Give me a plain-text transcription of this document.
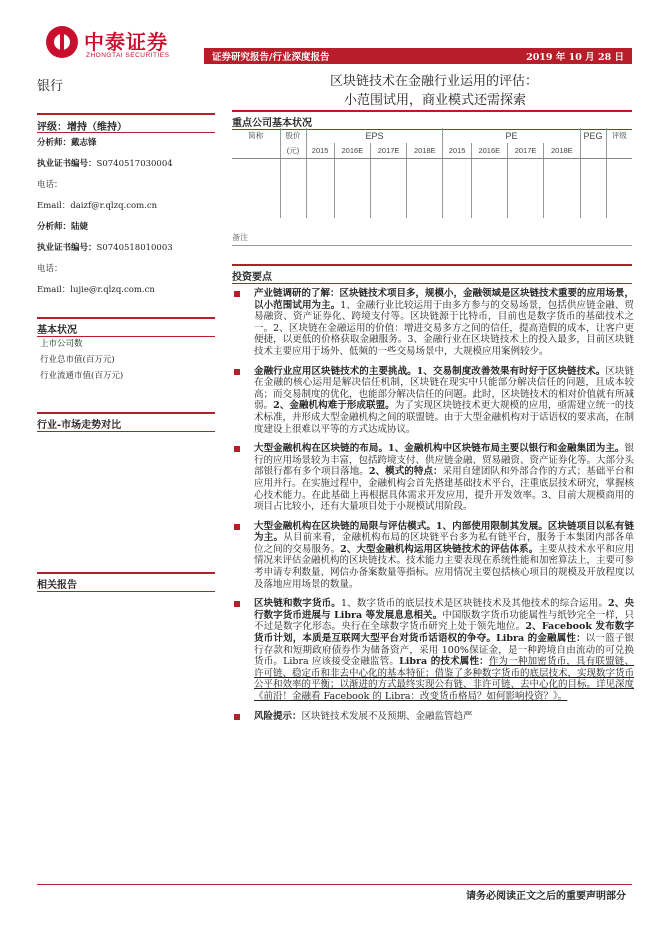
中泰证券
ZHONGTAI SECURITIES	证券研究报告/行业深度报告	2019 年 10 月 28 日
银行	区块链技术在金融行业运用的评估：
小范围试用，商业模式还需探索
评级：增持（维持）
分析师：戴志锋
执业证书编号：S0740517030004
电话：
Email：daizf@r.qlzq.com.cn
分析师：陆婕
执业证书编号：S0740518010003
电话：
Email：lujie@r.qlzq.com.cn
基本状况
上市公司数
行业总市值(百万元)
行业流通市值(百万元)
行业-市场走势对比
相关报告
重点公司基本状况
简称	股价	EPS				PE				PEG	评级
	(元)	2015	2016E	2017E	2018E	2015	2016E	2017E	2018E		

备注
投资要点
产业链调研的了解：区块链技术项目多，规模小，金融领域是区块链技术重要的应用场景，以小范围试用为主。1、金融行业比较运用于由多方参与的交易场景，包括供应链金融、贸易融资、资产证券化、跨境支付等。区块链源于比特币，目前也是数字货币的基础技术之一。2、区块链在金融运用的价值：增进交易多方之间的信任，提高造假的成本，让客户更便捷，以更低的价格获取金融服务。3、金融行业在区块链技术上的投入最多，目前区块链技术主要应用于场外、低频的一些交易场景中，大规模应用案例较少。
金融行业应用区块链技术的主要挑战。1、交易制度改善效果有时好于区块链技术。区块链在金融的核心运用是解决信任机制，区块链在现实中只能部分解决信任的问题，且成本较高；而交易制度的优化，也能部分解决信任的问题。此时，区块链技术的相对价值就有所减弱。2、金融机构难于形成联盟。为了实现区块链技术更大规模的应用，亟需建立统一的技术标准，并形成大型金融机构之间的联盟链。由于大型金融机构对于话语权的要求高，在制度建设上很难以平等的方式达成协议。
大型金融机构在区块链的布局。1、金融机构中区块链布局主要以银行和金融集团为主。银行的应用场景较为丰富，包括跨境支付、供应链金融、贸易融资、资产证券化等。大部分头部银行都有多个项目落地。2、模式的特点：采用自建团队和外部合作的方式；基础平台和应用并行。在实施过程中，金融机构会首先搭建基础技术平台，注重底层技术研究，掌握核心技术能力。在此基础上再根据具体需求开发应用，提升开发效率。3、目前大规模商用的项目占比较小，还有大量项目处于小规模试用阶段。
大型金融机构在区块链的局限与评估模式。1、内部使用限制其发展。区块链项目以私有链为主。从目前来看，金融机构布局的区块链平台多为私有链平台，服务于本集团内部各单位之间的交易服务。2、大型金融机构运用区块链技术的评估体系。主要从技术水平和应用情况来评估金融机构的区块链技术。技术能力主要表现在系统性能和加密算法上，主要可参考申请专利数量、网信办备案数量等指标。应用情况主要包括核心项目的规模及开放程度以及落地应用场景的数量。
区块链和数字货币。1、数字货币的底层技术是区块链技术及其他技术的综合运用。2、央行数字货币进展与 Libra 等发展息息相关。中国版数字货币功能属性与纸钞完全一样，只不过是数字化形态。央行在全球数字货币研究上处于领先地位。2、Facebook 发布数字货币计划，本质是互联网大型平台对货币话语权的争夺。Libra 的金融属性：以一篮子银行存款和短期政府债券作为储备资产，采用 100%保证金，是一种跨境自由流动的可兑换货币。Libra 应该接受金融监管。Libra 的技术属性：作为一种加密货币，具有联盟链、许可链、稳定币和非去中心化的基本特征；借鉴了多种数字货币的底层技术，实现数字货币公平和效率的平衡；以渐进的方式最终实现公有链、非许可链、去中心化的目标。详见深度《前沿！金融看 Facebook 的 Libra：改变货币格局？如何影响投资？》。
风险提示：区块链技术发展不及预期、金融监管趋严
请务必阅读正文之后的重要声明部分
